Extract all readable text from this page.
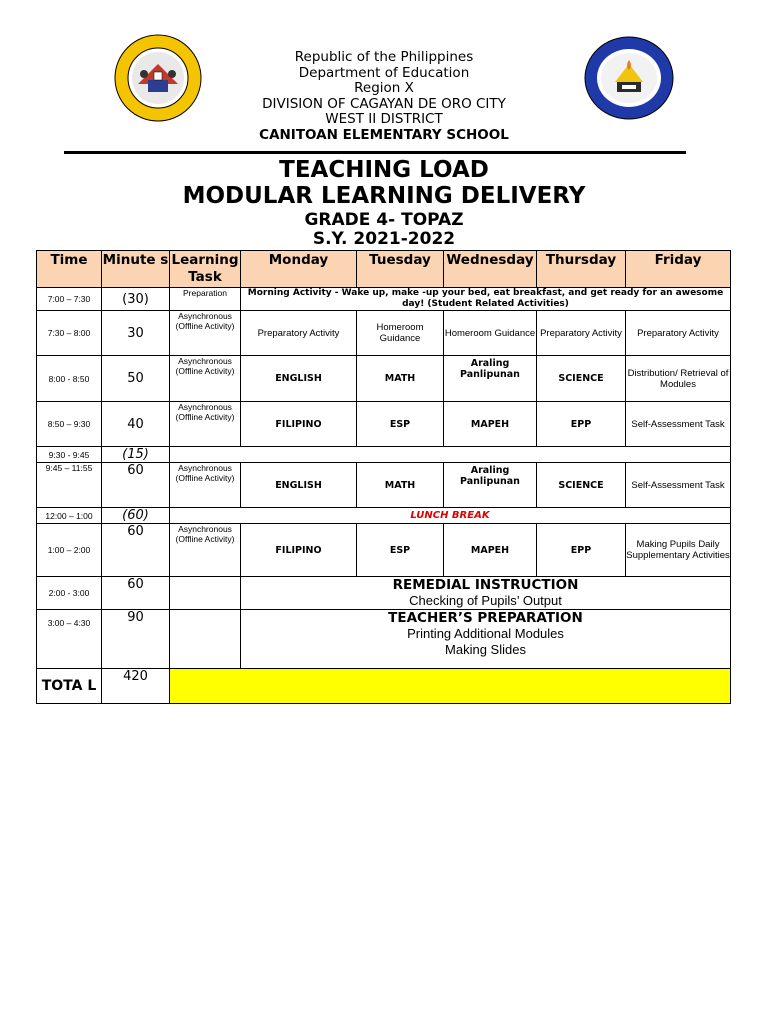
Republic of the Philippines
Department of Education
Region X
DIVISION OF CAGAYAN DE ORO CITY
WEST II DISTRICT
CANITOAN ELEMENTARY SCHOOL
TEACHING LOAD
MODULAR LEARNING DELIVERY
GRADE 4- TOPAZ
S.Y. 2021-2022
Time	Minute s	Learning Task	Monday	Tuesday	Wednesday	Thursday	Friday
7:00 – 7:30	(30)	Preparation	Morning Activity - Wake up, make -up your bed, eat breakfast, and get ready for an awesome day! (Student Related Activities)				
7:30 – 8:00	30	Asynchronous (Offline Activity)	Preparatory Activity	Homeroom Guidance	Homeroom Guidance	Preparatory Activity	Preparatory Activity
8:00 - 8:50	50	Asynchronous (Offline Activity)	ENGLISH	MATH	Araling Panlipunan	SCIENCE	Distribution/ Retrieval of Modules
8:50 – 9:30	40	Asynchronous (Offline Activity)	FILIPINO	ESP	MAPEH	EPP	Self-Assessment Task
9:30 - 9:45	(15)						
9:45 – 11:55	60	Asynchronous (Offline Activity)	ENGLISH	MATH	Araling Panlipunan	SCIENCE	Self-Assessment Task
12:00 – 1:00	(60)	LUNCH BREAK					
1:00 – 2:00	60	Asynchronous (Offline Activity)	FILIPINO	ESP	MAPEH	EPP	Making Pupils Daily Supplementary Activities
2:00 - 3:00	60		REMEDIAL INSTRUCTION
Checking of Pupils’ Output				

3:00 – 4:30	90		TEACHER’S PREPARATION
Printing Additional Modules
Making Slides				

TOTA L	420						
